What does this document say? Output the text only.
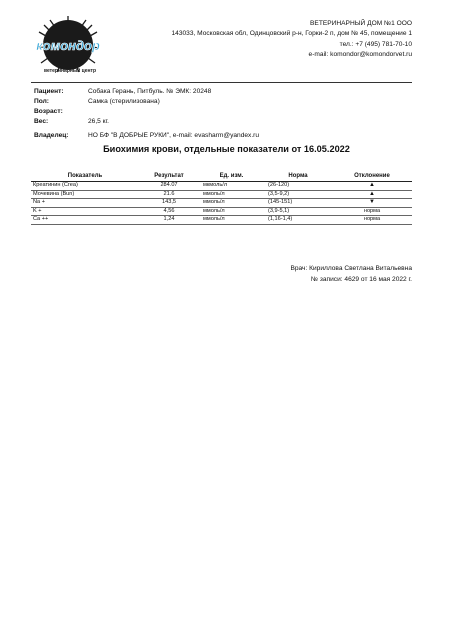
комондор
ветеринарный центр
ВЕТЕРИНАРНЫЙ ДОМ №1 ООО
143033, Московская обл, Одинцовский р-н, Горки-2 п, дом № 45, помещение 1
тел.: +7 (495) 781-70-10
e-mail: komondor@komondorvet.ru
Пациент:	Собака Герань, Питбуль. № ЭМК: 20248
Пол:	Самка (стерилизована)
Возраст:
Вес:	26,5 кг.
Владелец:	НО БФ "В ДОБРЫЕ РУКИ", e-mail: evasharm@yandex.ru
Биохимия крови, отдельные показатели от 16.05.2022
Показатель	Результат	Ед. изм.	Норма	Отклонение
Креатинин (Crea)	284.07	мкмоль/л	(26-120)	▲
Мочевина (Bun)	21.6	ммоль/л	(3,5-9,2)	▲
Na +	143,5	ммоль/л	(145-151)	▼
K +	4,56	ммоль/л	(3,9-5,1)	норма
Ca ++	1,24	ммоль/л	(1,16-1,4)	норма
Врач: Кириллова Светлана Витальевна
№ записи: 4629 от 16 мая 2022 г.
